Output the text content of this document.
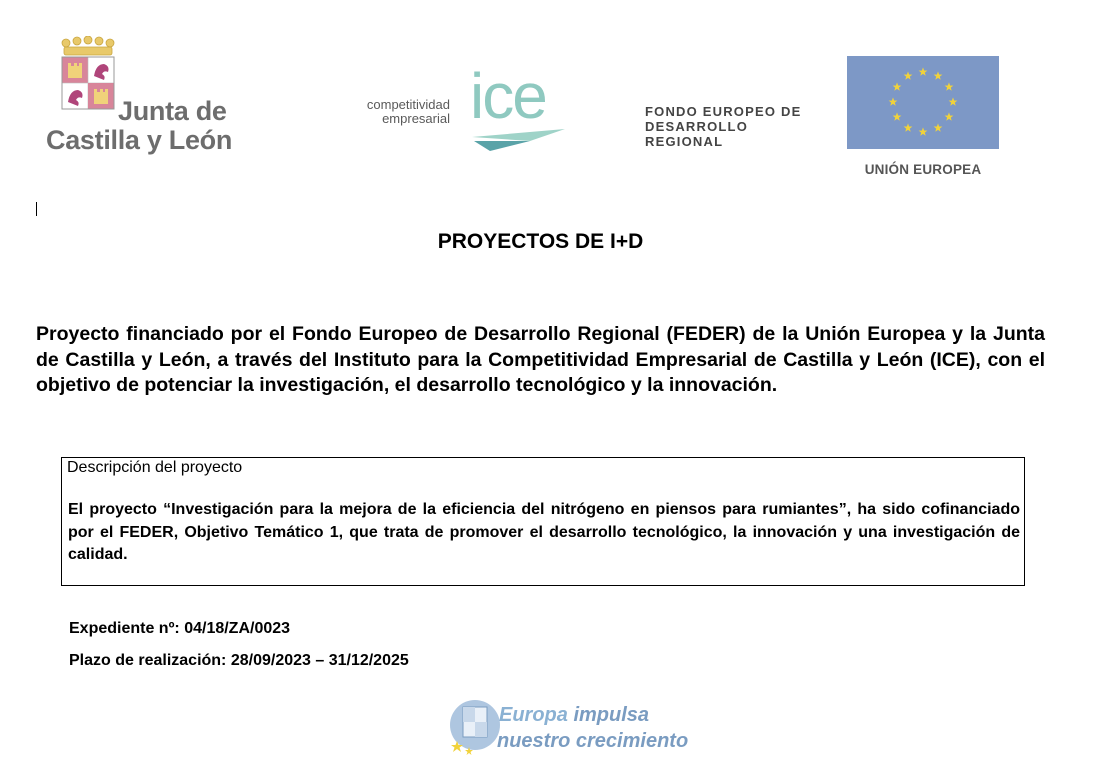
Junta de
Castilla y León
competitividad
empresarial ice	FONDO EUROPEO DE
DESARROLLO
REGIONAL
UNIÓN EUROPEA
PROYECTOS DE I+D
Proyecto financiado por el Fondo Europeo de Desarrollo Regional (FEDER) de la Unión Europea y la Junta de Castilla y León, a través del Instituto para la Competitividad Empresarial de Castilla y León (ICE), con el objetivo de potenciar la investigación, el desarrollo tecnológico y la innovación.
Descripción del proyecto
El proyecto “Investigación para la mejora de la eficiencia del nitrógeno en piensos para rumiantes”, ha sido cofinanciado por el FEDER, Objetivo Temático 1, que trata de promover el desarrollo tecnológico, la innovación y una investigación de calidad.
Expediente nº: 04/18/ZA/0023
Plazo de realización: 28/09/2023 – 31/12/2025
Europa impulsa
nuestro crecimiento
